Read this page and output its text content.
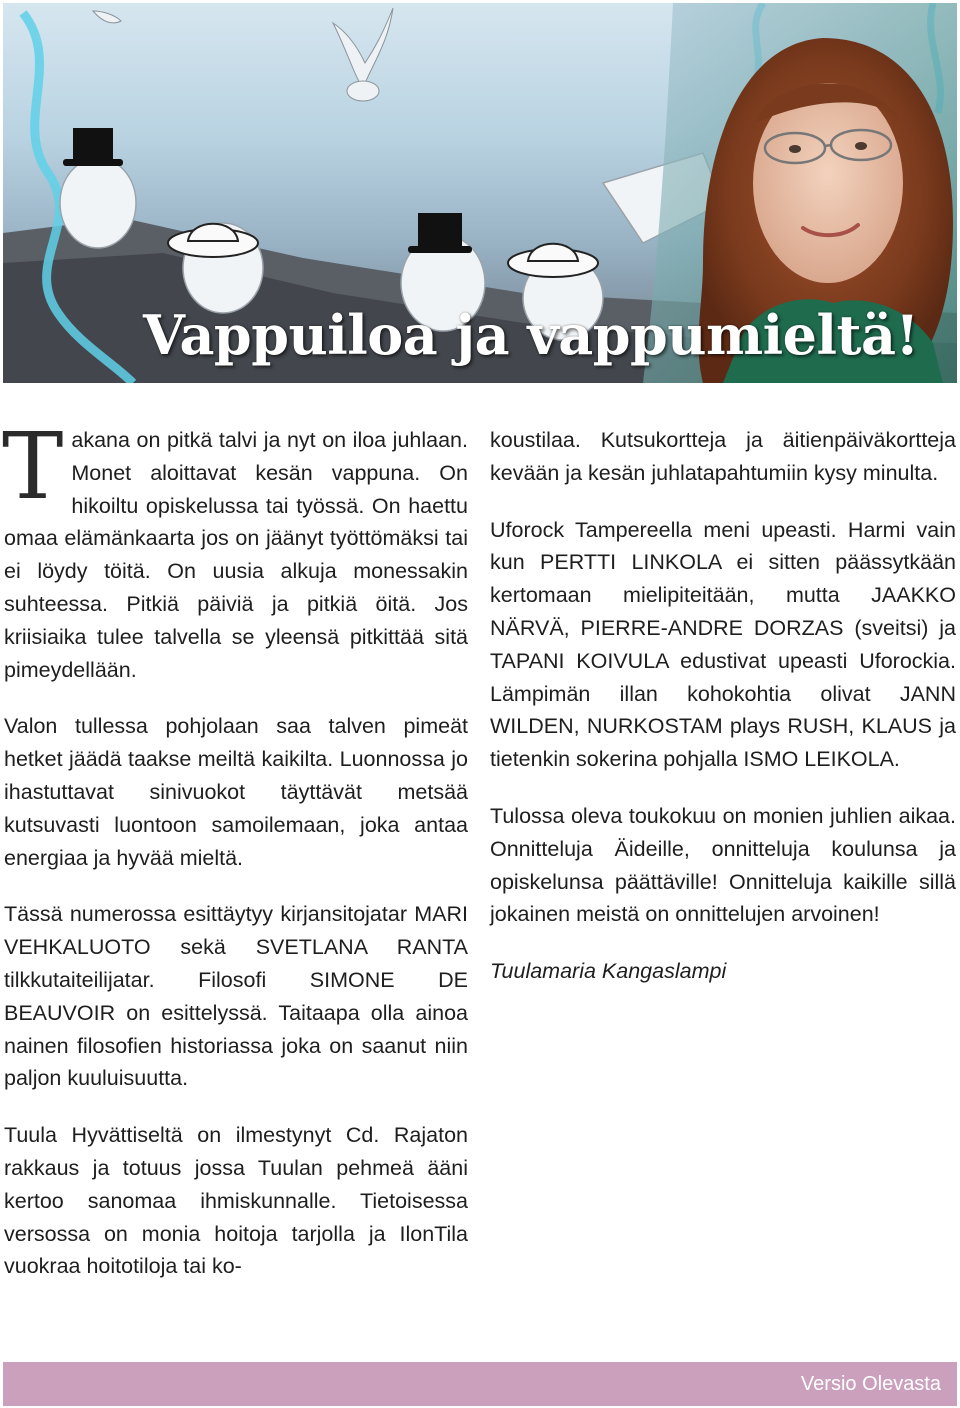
Vappuiloa ja vappumieltä!

Takana on pitkä talvi ja nyt on iloa juhlaan. Monet aloittavat kesän vappuna. On hikoiltu opiskelussa tai työssä. On haettu omaa elämänkaarta jos on jäänyt työttömäksi tai ei löydy töitä. On uusia alkuja monessakin suhteessa. Pitkiä päiviä ja pitkiä öitä. Jos kriisiaika tulee talvella se yleensä pitkittää sitä pimeydellään.

Valon tullessa pohjolaan saa talven pimeät hetket jäädä taakse meiltä kaikilta. Luonnossa jo ihastuttavat sinivuokot täyttävät metsää kutsuvasti luontoon samoilemaan, joka antaa energiaa ja hyvää mieltä.

Tässä numerossa esittäytyy kirjansitojatar MARI VEHKALUOTO sekä SVETLANA RANTA tilkkutaiteilijatar. Filosofi SIMONE DE BEAUVOIR on esittelyssä. Taitaapa olla ainoa nainen filosofien historiassa joka on saanut niin paljon kuuluisuutta.

Tuula Hyvättiseltä on ilmestynyt Cd. Rajaton rakkaus ja totuus jossa Tuulan pehmeä ääni kertoo sanomaa ihmiskunnalle. Tietoisessa versossa on monia hoitoja tarjolla ja IlonTila vuokraa hoitotiloja tai ko-

koustilaa. Kutsukortteja ja äitienpäiväkortteja kevään ja kesän juhlatapahtumiin kysy minulta.

Uforock Tampereella meni upeasti. Harmi vain kun PERTTI LINKOLA ei sitten päässytkään kertomaan mielipiteitään, mutta JAAKKO NÄRVÄ, PIERRE-ANDRE DORZAS (sveitsi) ja TAPANI KOIVULA edustivat upeasti Uforockia. Lämpimän illan kohokohtia olivat JANN WILDEN, NURKOSTAM plays RUSH, KLAUS ja tietenkin sokerina pohjalla ISMO LEIKOLA.

Tulossa oleva toukokuu on monien juhlien aikaa. Onnitteluja Äideille, onnitteluja koulunsa ja opiskelunsa päättäville! Onnitteluja kaikille sillä jokainen meistä on onnittelujen arvoinen!

Tuulamaria Kangaslampi

Versio Olevasta
